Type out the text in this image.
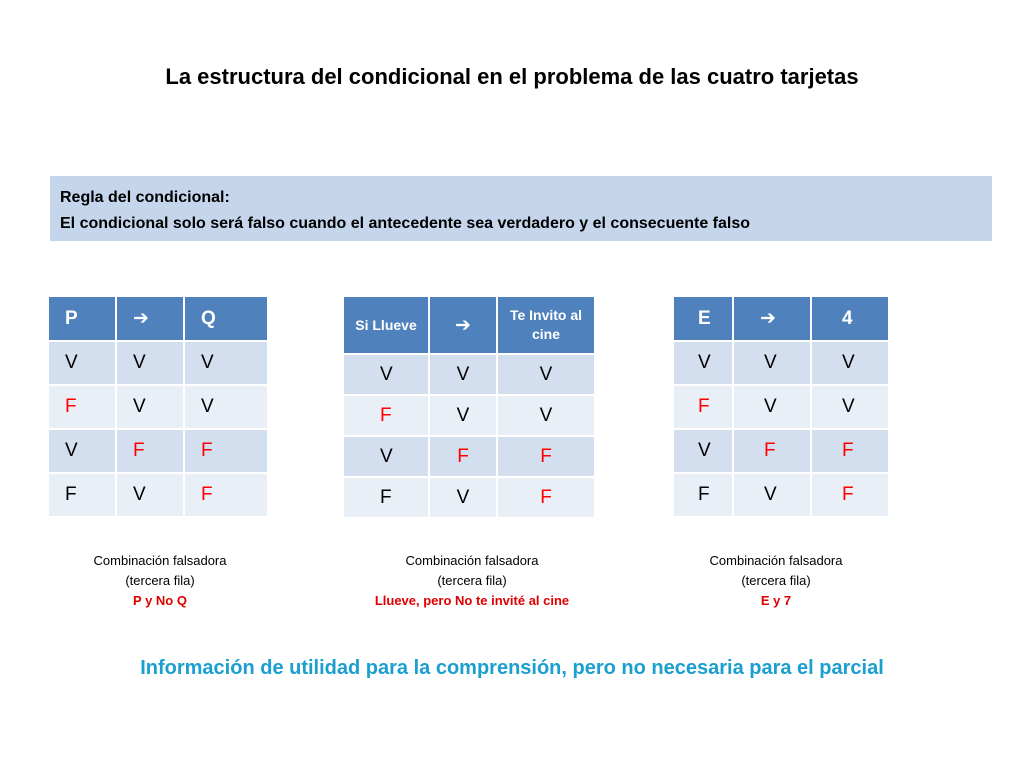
La estructura del condicional en el problema de las cuatro tarjetas
Regla del condicional:
El condicional solo será falso cuando el antecedente sea verdadero y el consecuente falso
P	➔	Q
V	V	V
F	V	V
V	F	F
F	V	F
Si Llueve	➔	Te Invito al cine
V	V	V
F	V	V
V	F	F
F	V	F
E	➔	4
V	V	V
F	V	V
V	F	F
F	V	F
Combinación falsadora
(tercera fila)
P y No Q
Combinación falsadora
(tercera fila)
Llueve, pero No te invité al cine
Combinación falsadora
(tercera fila)
E y 7
Información de utilidad para la comprensión, pero no necesaria para el parcial
